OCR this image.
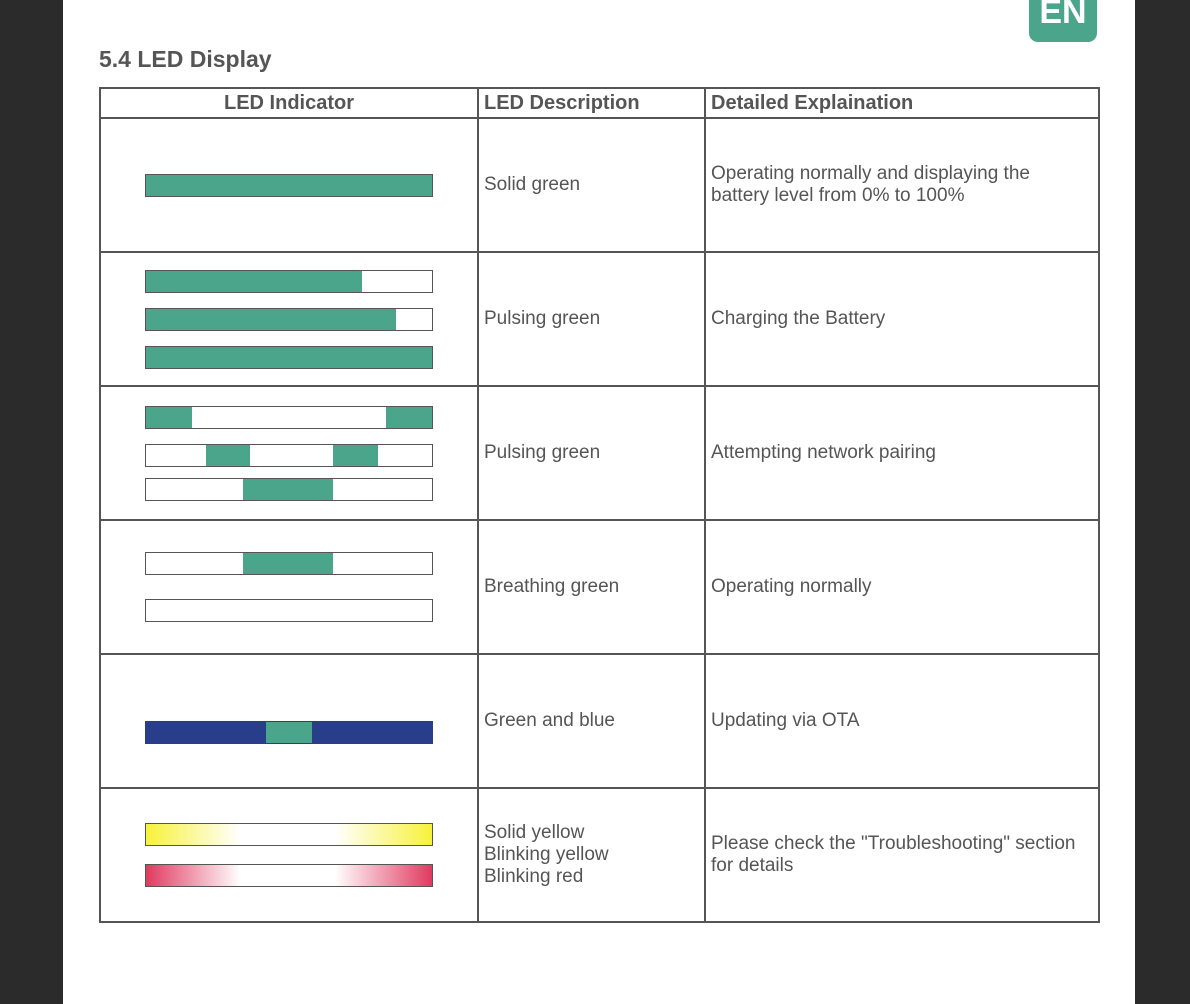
EN
5.4 LED Display
LED Indicator	LED Description	Detailed Explaination

	Solid green	Operating normally and displaying the
battery level from 0% to 100%

	Pulsing green	Charging the Battery

	Pulsing green	Attempting network pairing

	Breathing green	Operating normally

	Green and blue	Updating via OTA

	Solid yellow
Blinking yellow
Blinking red	Please check the "Troubleshooting" section
for details
